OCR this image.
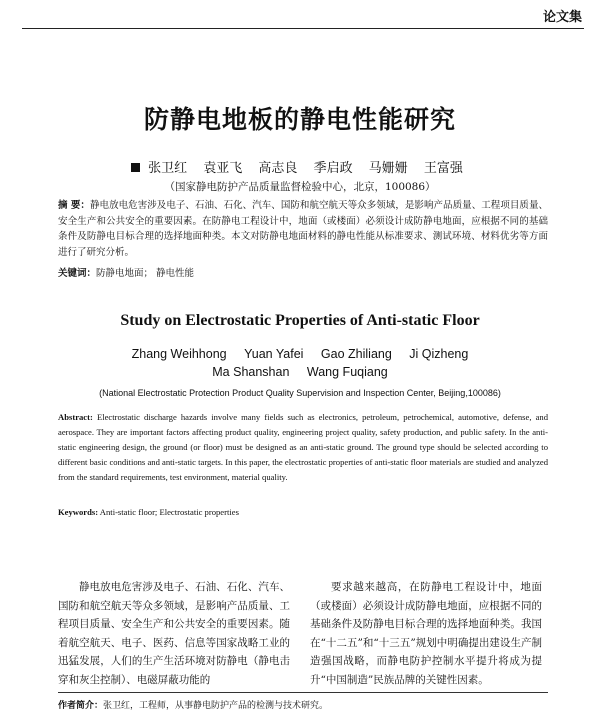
论文集
防静电地板的静电性能研究
张卫红 袁亚飞 高志良 季启政 马姗姗 王富强
（国家静电防护产品质量监督检验中心，北京，100086）
摘 要：静电放电危害涉及电子、石油、石化、汽车、国防和航空航天等众多领域，是影响产品质量、工程项目质量、安全生产和公共安全的重要因素。在防静电工程设计中，地面（或楼面）必须设计成防静电地面，应根据不同的基础条件及防静电目标合理的选择地面种类。本文对防静电地面材料的静电性能从标准要求、测试环境、材料优劣等方面进行了研究分析。
关键词：防静电地面； 静电性能
Study on Electrostatic Properties of Anti-static Floor
Zhang Weihhong Yuan Yafei Gao Zhiliang Ji Qizheng
Ma Shanshan Wang Fuqiang
(National Electrostatic Protection Product Quality Supervision and Inspection Center, Beijing,100086)
Abstract: Electrostatic discharge hazards involve many fields such as electronics, petroleum, petrochemical, automotive, defense, and aerospace. They are important factors affecting product quality, engineering project quality, safety production, and public safety. In the anti-static engineering design, the ground (or floor) must be designed as an anti-static ground. The ground type should be selected according to different basic conditions and anti-static targets. In this paper, the electrostatic properties of anti-static floor materials are studied and analyzed from the standard requirements, test environment, material quality.
Keywords: Anti-static floor; Electrostatic properties
静电放电危害涉及电子、石油、石化、汽车、国防和航空航天等众多领域，是影响产品质量、工程项目质量、安全生产和公共安全的重要因素。随着航空航天、电子、医药、信息等国家战略工业的迅猛发展，人们的生产生活环境对防静电（静电击穿和灰尘控制）、电磁屏蔽功能的
要求越来越高，在防静电工程设计中，地面（或楼面）必须设计成防静电地面，应根据不同的基础条件及防静电目标合理的选择地面种类。我国在“十二五”和“十三五”规划中明确提出建设生产制造强国战略，而静电防护控制水平提升将成为提升“中国制造”民族品牌的关键性因素。
作者简介：张卫红，工程师，从事静电防护产品的检测与技术研究。
